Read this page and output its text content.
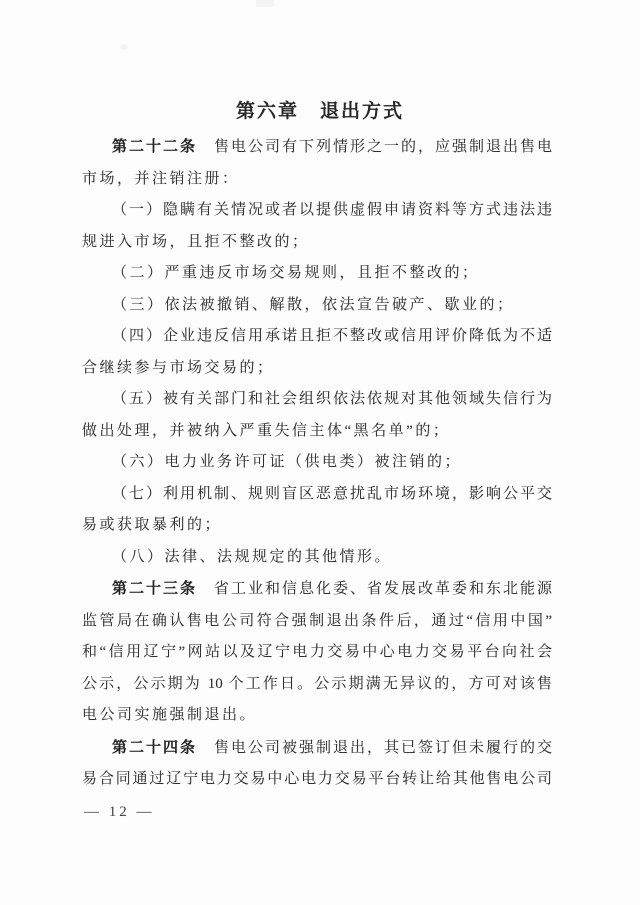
第六章　退出方式
第二十二条　售电公司有下列情形之一的，应强制退出售电
市场，并注销注册：
（一）隐瞒有关情况或者以提供虚假申请资料等方式违法违
规进入市场，且拒不整改的；
（二）严重违反市场交易规则，且拒不整改的；
（三）依法被撤销、解散，依法宣告破产、歇业的；
（四）企业违反信用承诺且拒不整改或信用评价降低为不适
合继续参与市场交易的；
（五）被有关部门和社会组织依法依规对其他领域失信行为
做出处理，并被纳入严重失信主体“黑名单”的；
（六）电力业务许可证（供电类）被注销的；
（七）利用机制、规则盲区恶意扰乱市场环境，影响公平交
易或获取暴利的；
（八）法律、法规规定的其他情形。
第二十三条　省工业和信息化委、省发展改革委和东北能源
监管局在确认售电公司符合强制退出条件后，通过“信用中国”
和“信用辽宁”网站以及辽宁电力交易中心电力交易平台向社会
公示，公示期为 10 个工作日。公示期满无异议的，方可对该售
电公司实施强制退出。
第二十四条　售电公司被强制退出，其已签订但未履行的交
易合同通过辽宁电力交易中心电力交易平台转让给其他售电公司
— 12 —
